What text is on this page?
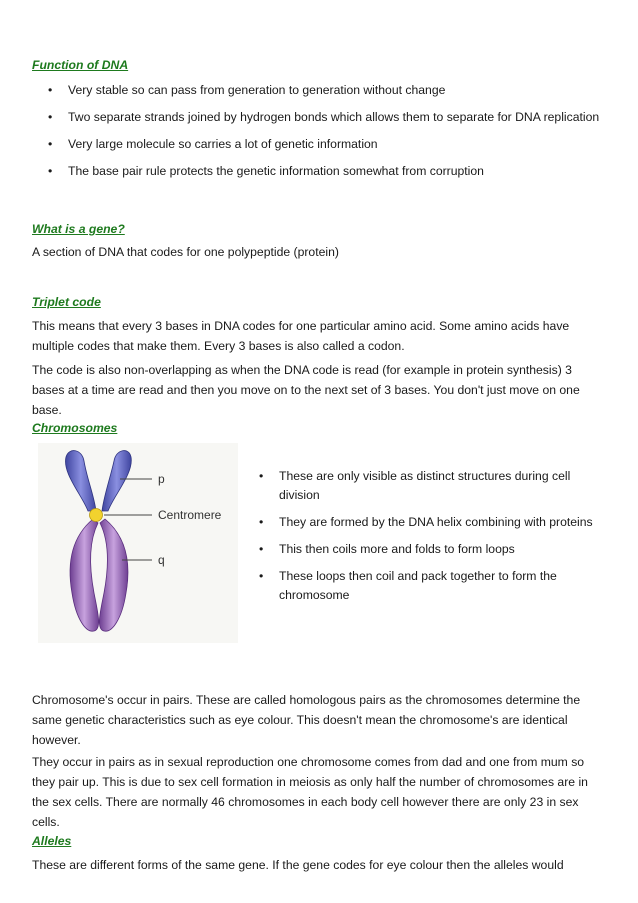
Function of DNA
• Very stable so can pass from generation to generation without change
• Two separate strands joined by hydrogen bonds which allows them to separate for DNA replication
• Very large molecule so carries a lot of genetic information
• The base pair rule protects the genetic information somewhat from corruption
What is a gene?
A section of DNA that codes for one polypeptide (protein)
Triplet code
This means that every 3 bases in DNA codes for one particular amino acid. Some amino acids have multiple codes that make them. Every 3 bases is also called a codon.
The code is also non-overlapping as when the DNA code is read (for example in protein synthesis) 3 bases at a time are read and then you move on to the next set of 3 bases. You don't just move on one base.
Chromosomes
p
Centromere
q
• These are only visible as distinct structures during cell division
• They are formed by the DNA helix combining with proteins
• This then coils more and folds to form loops
• These loops then coil and pack together to form the chromosome
Chromosome's occur in pairs. These are called homologous pairs as the chromosomes determine the same genetic characteristics such as eye colour. This doesn't mean the chromosome's are identical however.
They occur in pairs as in sexual reproduction one chromosome comes from dad and one from mum so they pair up. This is due to sex cell formation in meiosis as only half the number of chromosomes are in the sex cells. There are normally 46 chromosomes in each body cell however there are only 23 in sex cells.
Alleles
These are different forms of the same gene. If the gene codes for eye colour then the alleles would
